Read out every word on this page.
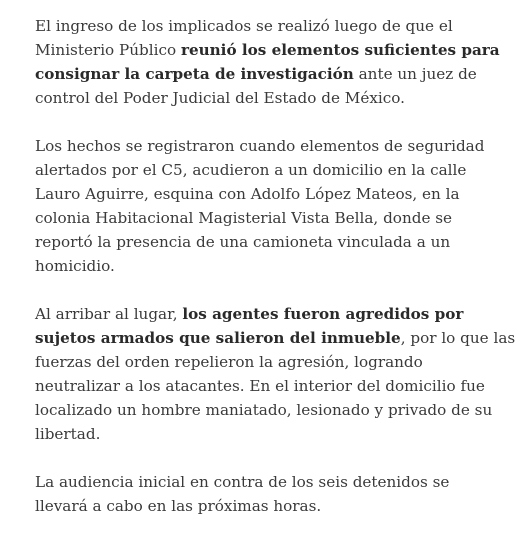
El ingreso de los implicados se realizó luego de que el
Ministerio Público reunió los elementos suficientes para
consignar la carpeta de investigación ante un juez de
control del Poder Judicial del Estado de México.

Los hechos se registraron cuando elementos de seguridad
alertados por el C5, acudieron a un domicilio en la calle
Lauro Aguirre, esquina con Adolfo López Mateos, en la
colonia Habitacional Magisterial Vista Bella, donde se
reportó la presencia de una camioneta vinculada a un
homicidio.

Al arribar al lugar, los agentes fueron agredidos por
sujetos armados que salieron del inmueble, por lo que las
fuerzas del orden repelieron la agresión, logrando
neutralizar a los atacantes. En el interior del domicilio fue
localizado un hombre maniatado, lesionado y privado de su
libertad.

La audiencia inicial en contra de los seis detenidos se
llevará a cabo en las próximas horas.
